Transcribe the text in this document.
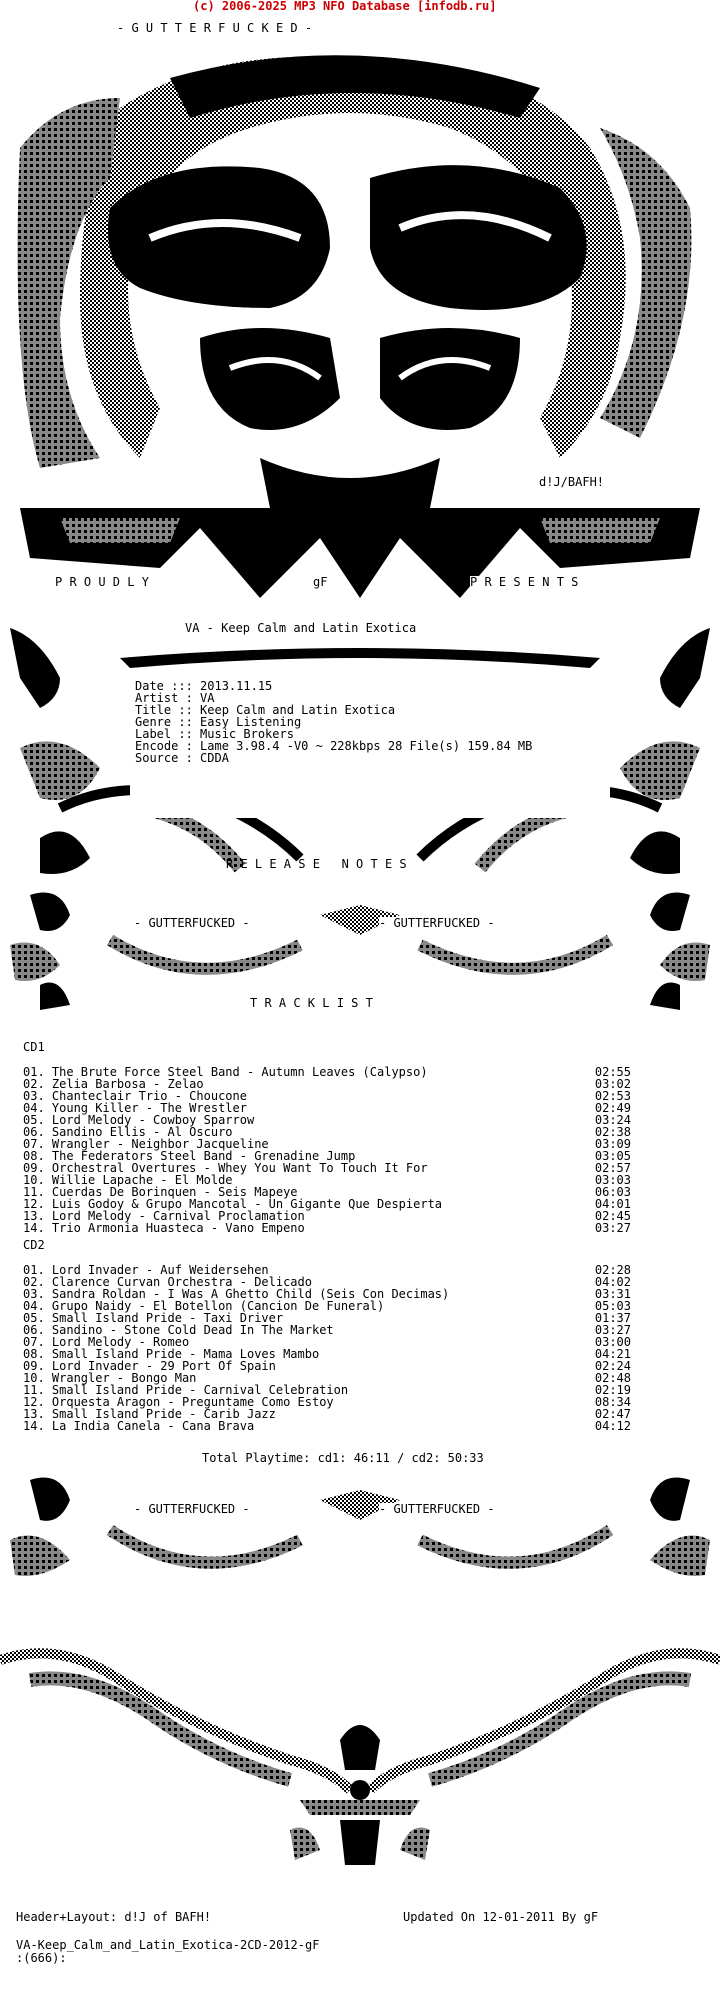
(c) 2006-2025 MP3 NFO Database [infodb.ru]
- G U T T E R F U C K E D -
d!J/BAFH!
P R O U D L Y	gF	P R E S E N T S
VA - Keep Calm and Latin Exotica
Date ::: 2013.11.15
Artist : VA
Title :: Keep Calm and Latin Exotica
Genre :: Easy Listening
Label :: Music Brokers
Encode : Lame 3.98.4 -V0 ~ 228kbps 28 File(s) 159.84 MB
Source : CDDA
R E L E A S E   N O T E S
- GUTTERFUCKED -	- GUTTERFUCKED -
T R A C K L I S T
CD1
01. The Brute Force Steel Band - Autumn Leaves (Calypso)	02:55
02. Zelia Barbosa - Zelao	03:02
03. Chanteclair Trio - Choucone	02:53
04. Young Killer - The Wrestler	02:49
05. Lord Melody - Cowboy Sparrow	03:24
06. Sandino Ellis - Al Oscuro	02:38
07. Wrangler - Neighbor Jacqueline	03:09
08. The Federators Steel Band - Grenadine Jump	03:05
09. Orchestral Overtures - Whey You Want To Touch It For	02:57
10. Willie Lapache - El Molde	03:03
11. Cuerdas De Borinquen - Seis Mapeye	06:03
12. Luis Godoy & Grupo Mancotal - Un Gigante Que Despierta	04:01
13. Lord Melody - Carnival Proclamation	02:45
14. Trio Armonia Huasteca - Vano Empeno	03:27
CD2
01. Lord Invader - Auf Weidersehen	02:28
02. Clarence Curvan Orchestra - Delicado	04:02
03. Sandra Roldan - I Was A Ghetto Child (Seis Con Decimas)	03:31
04. Grupo Naidy - El Botellon (Cancion De Funeral)	05:03
05. Small Island Pride - Taxi Driver	01:37
06. Sandino - Stone Cold Dead In The Market	03:27
07. Lord Melody - Romeo	03:00
08. Small Island Pride - Mama Loves Mambo	04:21
09. Lord Invader - 29 Port Of Spain	02:24
10. Wrangler - Bongo Man	02:48
11. Small Island Pride - Carnival Celebration	02:19
12. Orquesta Aragon - Preguntame Como Estoy	08:34
13. Small Island Pride - Carib Jazz	02:47
14. La India Canela - Cana Brava	04:12
Total Playtime: cd1: 46:11 / cd2: 50:33
- GUTTERFUCKED -	- GUTTERFUCKED -
Header+Layout: d!J of BAFH!	Updated On 12-01-2011 By gF
VA-Keep_Calm_and_Latin_Exotica-2CD-2012-gF
:(666):
